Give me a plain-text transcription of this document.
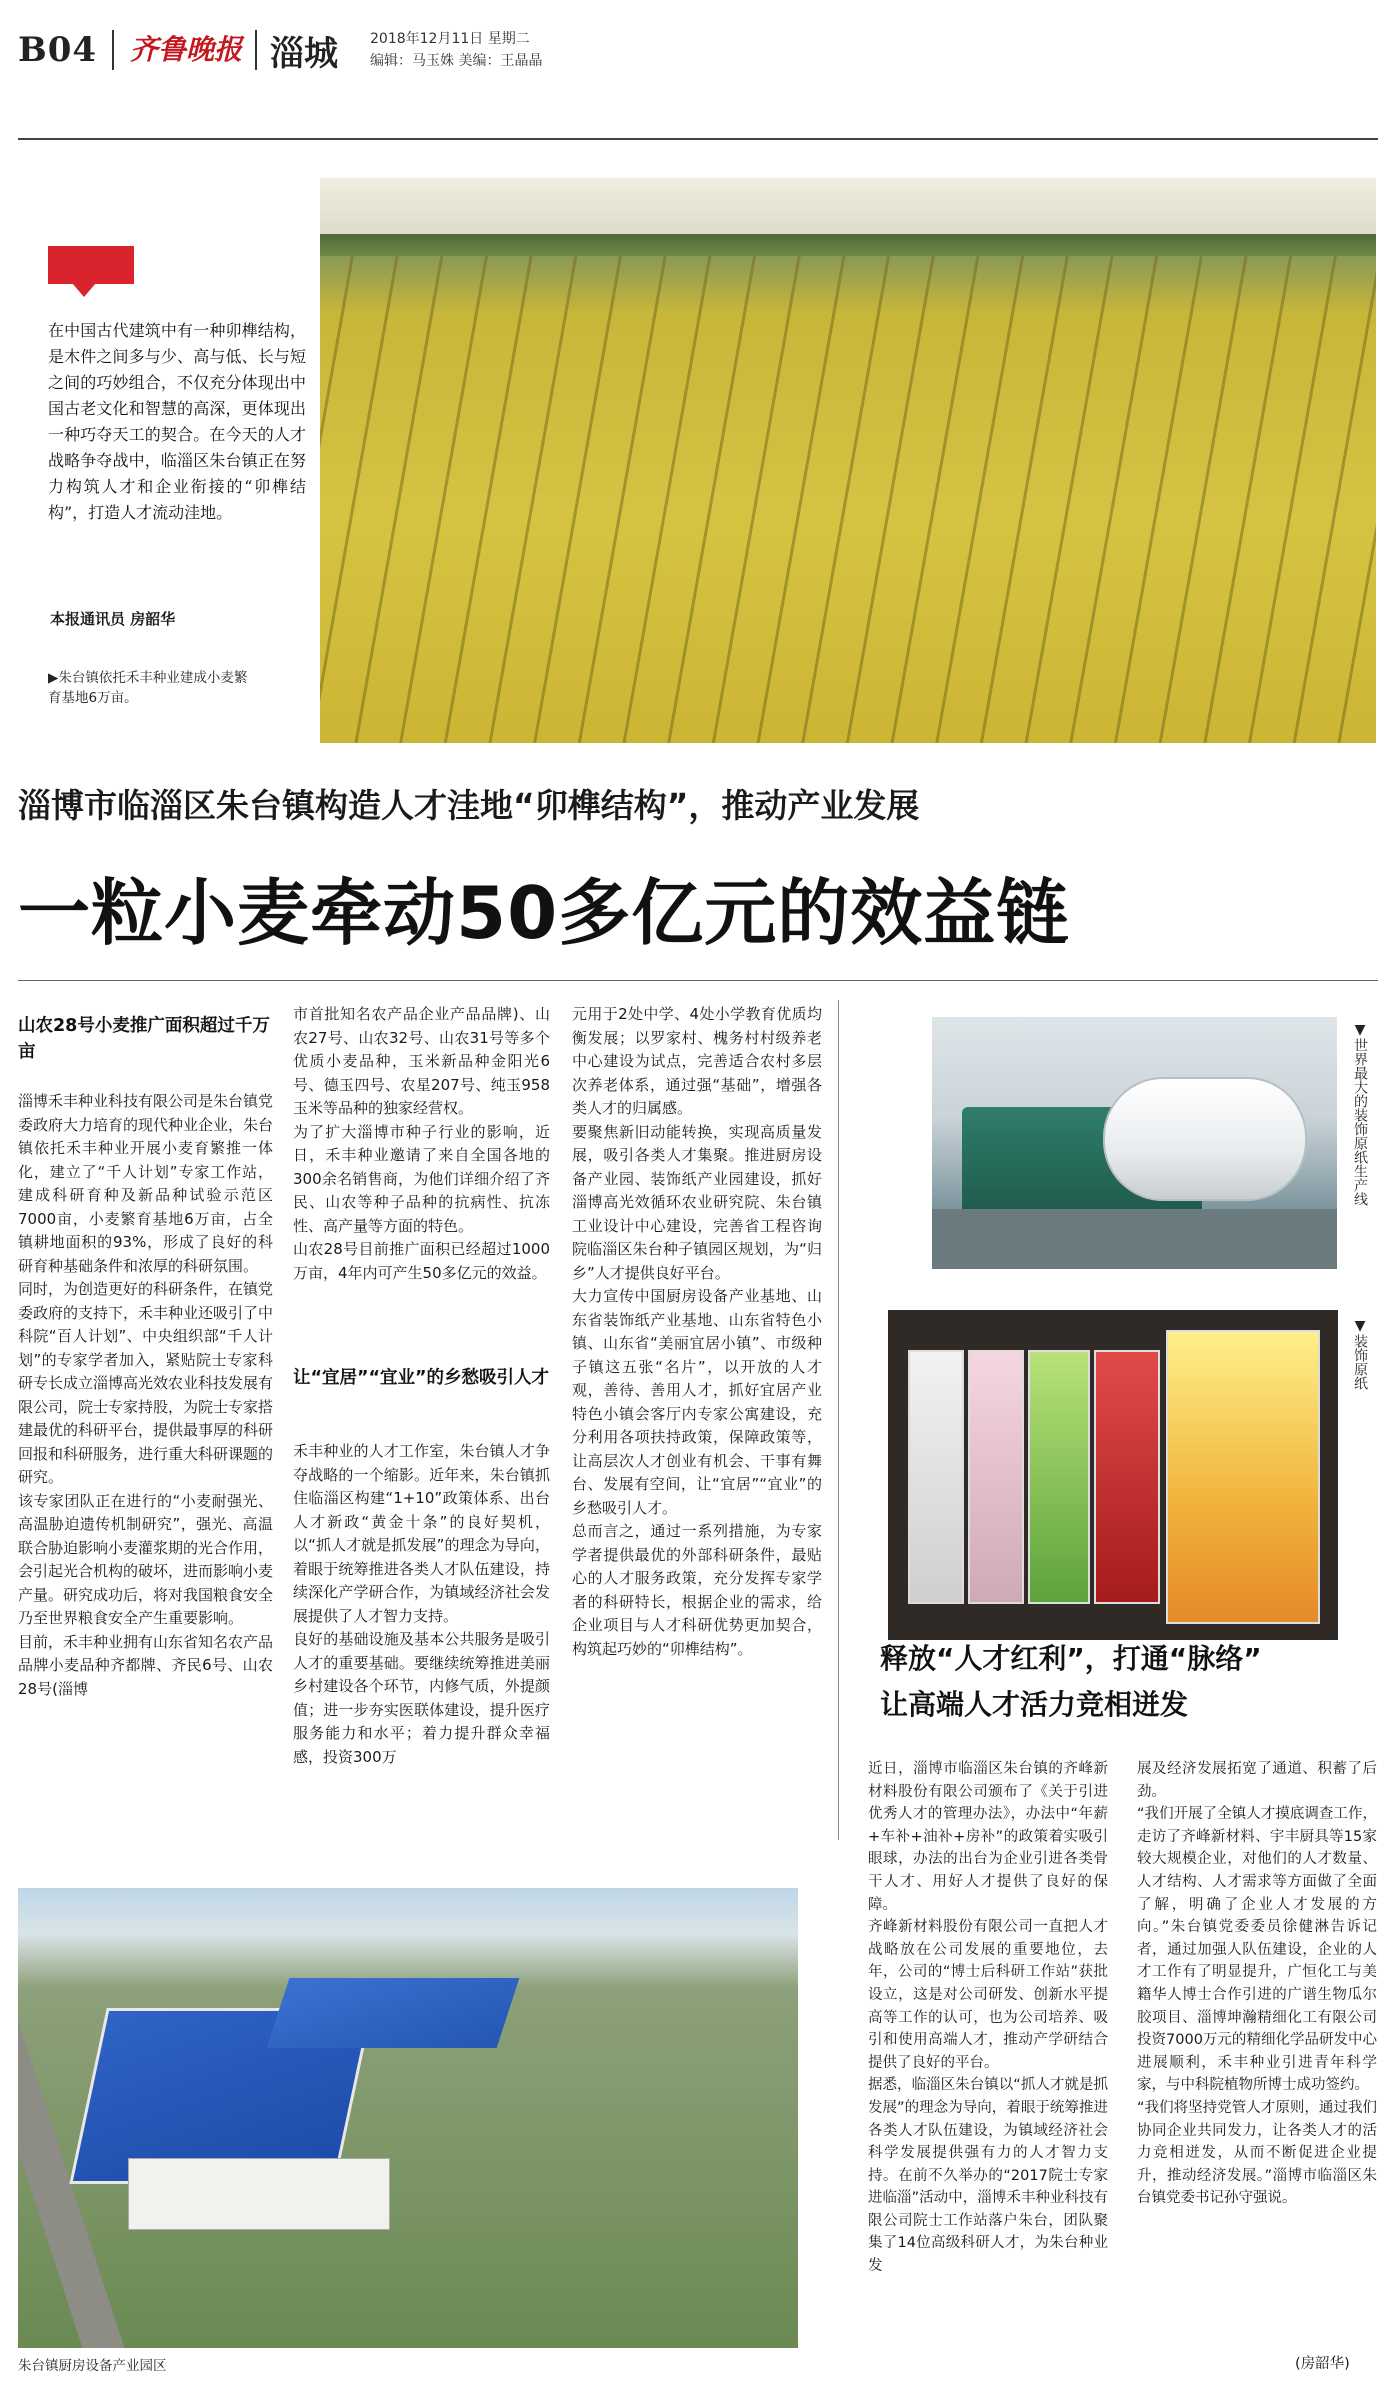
B04 齐鲁晚报 淄城 2018年12月11日 星期二
编辑：马玉姝 美编：王晶晶
在中国古代建筑中有一种卯榫结构，是木件之间多与少、高与低、长与短之间的巧妙组合，不仅充分体现出中国古老文化和智慧的高深，更体现出一种巧夺天工的契合。在今天的人才战略争夺战中，临淄区朱台镇正在努力构筑人才和企业衔接的“卯榫结构”，打造人才流动洼地。
本报通讯员 房韶华
▶朱台镇依托禾丰种业建成小麦繁育基地6万亩。
淄博市临淄区朱台镇构造人才洼地“卯榫结构”，推动产业发展
一粒小麦牵动50多亿元的效益链
山农28号小麦推广面积超过千万亩
淄博禾丰种业科技有限公司是朱台镇党委政府大力培育的现代种业企业，朱台镇依托禾丰种业开展小麦育繁推一体化，建立了“千人计划”专家工作站，建成科研育种及新品种试验示范区7000亩，小麦繁育基地6万亩，占全镇耕地面积的93%，形成了良好的科研育种基础条件和浓厚的科研氛围。
同时，为创造更好的科研条件，在镇党委政府的支持下，禾丰种业还吸引了中科院“百人计划”、中央组织部“千人计划”的专家学者加入，紧贴院士专家科研专长成立淄博高光效农业科技发展有限公司，院士专家持股，为院士专家搭建最优的科研平台，提供最事厚的科研回报和科研服务，进行重大科研课题的研究。
该专家团队正在进行的“小麦耐强光、高温胁迫遗传机制研究”，强光、高温联合胁迫影响小麦灌浆期的光合作用，会引起光合机构的破坏，进而影响小麦产量。研究成功后，将对我国粮食安全乃至世界粮食安全产生重要影响。
目前，禾丰种业拥有山东省知名农产品品牌小麦品种齐都牌、齐民6号、山农28号(淄博
市首批知名农产品企业产品品牌)、山农27号、山农32号、山农31号等多个优质小麦品种，玉米新品种金阳光6号、德玉四号、农星207号、纯玉958玉米等品种的独家经营权。
为了扩大淄博市种子行业的影响，近日，禾丰种业邀请了来自全国各地的300余名销售商，为他们详细介绍了齐民、山农等种子品种的抗病性、抗冻性、高产量等方面的特色。
山农28号目前推广面积已经超过1000万亩，4年内可产生50多亿元的效益。
让“宜居”“宜业”的乡愁吸引人才
禾丰种业的人才工作室，朱台镇人才争夺战略的一个缩影。近年来，朱台镇抓住临淄区构建“1+10”政策体系、出台人才新政“黄金十条”的良好契机，以“抓人才就是抓发展”的理念为导向，着眼于统筹推进各类人才队伍建设，持续深化产学研合作，为镇域经济社会发展提供了人才智力支持。
良好的基础设施及基本公共服务是吸引人才的重要基础。要继续统筹推进美丽乡村建设各个环节，内修气质，外提颜值；进一步夯实医联体建设，提升医疗服务能力和水平；着力提升群众幸福感，投资300万
元用于2处中学、4处小学教育优质均衡发展；以罗家村、槐务村村级养老中心建设为试点，完善适合农村多层次养老体系，通过强“基础”，增强各类人才的归属感。
要聚焦新旧动能转换，实现高质量发展，吸引各类人才集聚。推进厨房设备产业园、装饰纸产业园建设，抓好淄博高光效循环农业研究院、朱台镇工业设计中心建设，完善省工程咨询院临淄区朱台种子镇园区规划，为“归乡”人才提供良好平台。
大力宣传中国厨房设备产业基地、山东省装饰纸产业基地、山东省特色小镇、山东省“美丽宜居小镇”、市级种子镇这五张“名片”，以开放的人才观，善待、善用人才，抓好宜居产业特色小镇会客厅内专家公寓建设，充分利用各项扶持政策，保障政策等，让高层次人才创业有机会、干事有舞台、发展有空间，让“宜居”“宜业”的乡愁吸引人才。
总而言之，通过一系列措施，为专家学者提供最优的外部科研条件，最贴心的人才服务政策，充分发挥专家学者的科研特长，根据企业的需求，给企业项目与人才科研优势更加契合，构筑起巧妙的“卯榫结构”。
▼世界最大的装饰原纸生产线
▼装饰原纸
释放“人才红利”，打通“脉络”
让高端人才活力竞相迸发
近日，淄博市临淄区朱台镇的齐峰新材料股份有限公司颁布了《关于引进优秀人才的管理办法》，办法中“年薪+车补+油补+房补”的政策着实吸引眼球，办法的出台为企业引进各类骨干人才、用好人才提供了良好的保障。
齐峰新材料股份有限公司一直把人才战略放在公司发展的重要地位，去年，公司的“博士后科研工作站”获批设立，这是对公司研发、创新水平提高等工作的认可，也为公司培养、吸引和使用高端人才，推动产学研结合提供了良好的平台。
据悉，临淄区朱台镇以“抓人才就是抓发展”的理念为导向，着眼于统筹推进各类人才队伍建设，为镇域经济社会科学发展提供强有力的人才智力支持。在前不久举办的“2017院士专家进临淄”活动中，淄博禾丰种业科技有限公司院士工作站落户朱台，团队聚集了14位高级科研人才，为朱台种业发
展及经济发展拓宽了通道、积蓄了后劲。
“我们开展了全镇人才摸底调查工作，走访了齐峰新材料、宇丰厨具等15家较大规模企业，对他们的人才数量、人才结构、人才需求等方面做了全面了解，明确了企业人才发展的方向。”朱台镇党委委员徐健淋告诉记者，通过加强人队伍建设，企业的人才工作有了明显提升，广恒化工与美籍华人博士合作引进的广谱生物瓜尔胶项目、淄博坤瀚精细化工有限公司投资7000万元的精细化学品研发中心进展顺利，禾丰种业引进青年科学家，与中科院植物所博士成功签约。
“我们将坚持党管人才原则，通过我们协同企业共同发力，让各类人才的活力竞相迸发，从而不断促进企业提升，推动经济发展。”淄博市临淄区朱台镇党委书记孙守强说。
(房韶华)
朱台镇厨房设备产业园区
